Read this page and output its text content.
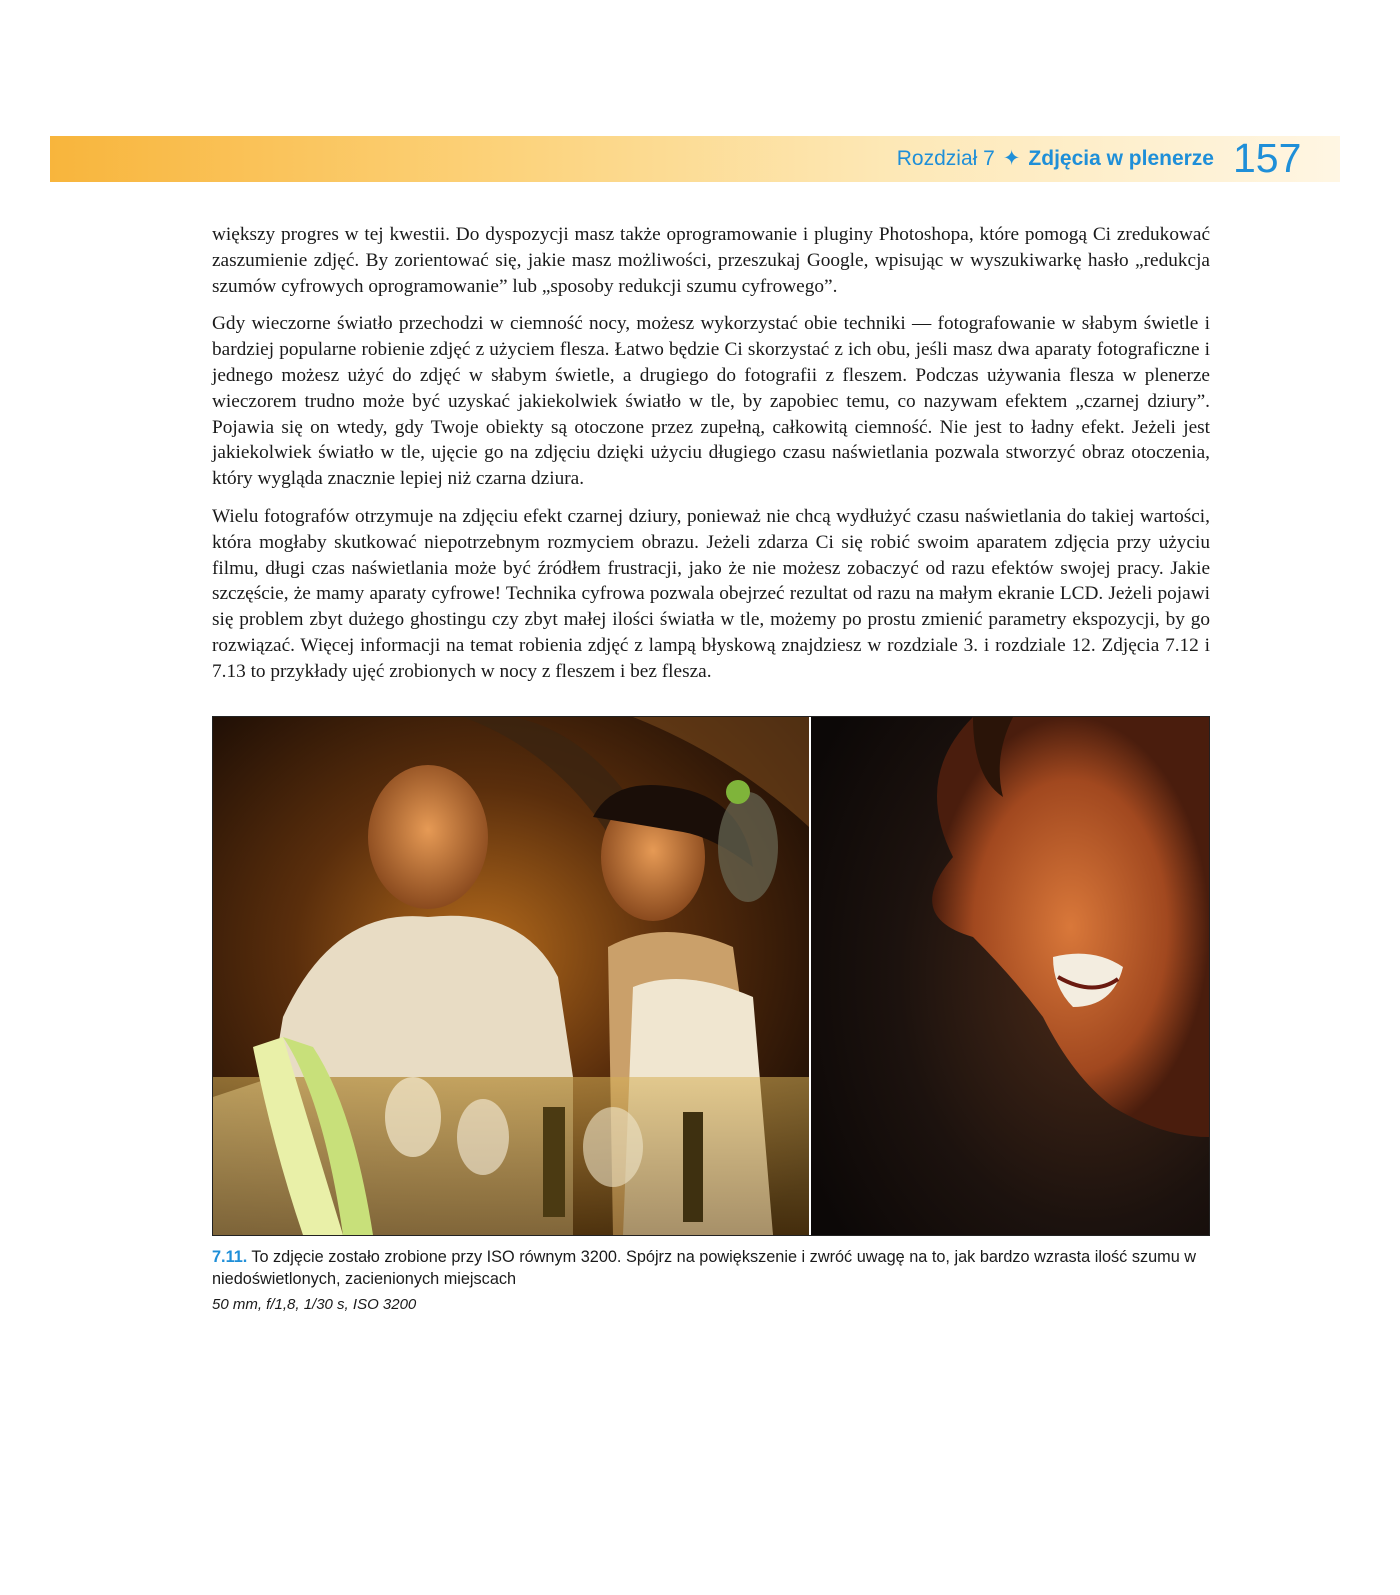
Rozdział 7 ✦ Zdjęcia w plenerze 157

większy progres w tej kwestii. Do dyspozycji masz także oprogramowanie i pluginy Photoshopa, które pomogą Ci zredukować zaszumienie zdjęć. By zorientować się, jakie masz możliwości, przeszukaj Google, wpisując w wyszukiwarkę hasło „redukcja szumów cyfrowych oprogramowanie” lub „sposoby redukcji szumu cyfrowego”.

Gdy wieczorne światło przechodzi w ciemność nocy, możesz wykorzystać obie techniki — fotografowanie w słabym świetle i bardziej popularne robienie zdjęć z użyciem flesza. Łatwo będzie Ci skorzystać z ich obu, jeśli masz dwa aparaty fotograficzne i jednego możesz użyć do zdjęć w słabym świetle, a drugiego do fotografii z fleszem. Podczas używania flesza w plenerze wieczorem trudno może być uzyskać jakiekolwiek światło w tle, by zapobiec temu, co nazywam efektem „czarnej dziury”. Pojawia się on wtedy, gdy Twoje obiekty są otoczone przez zupełną, całkowitą ciemność. Nie jest to ładny efekt. Jeżeli jest jakiekolwiek światło w tle, ujęcie go na zdjęciu dzięki użyciu długiego czasu naświetlania pozwala stworzyć obraz otoczenia, który wygląda znacznie lepiej niż czarna dziura.

Wielu fotografów otrzymuje na zdjęciu efekt czarnej dziury, ponieważ nie chcą wydłużyć czasu naświetlania do takiej wartości, która mogłaby skutkować niepotrzebnym rozmyciem obrazu. Jeżeli zdarza Ci się robić swoim aparatem zdjęcia przy użyciu filmu, długi czas naświetlania może być źródłem frustracji, jako że nie możesz zobaczyć od razu efektów swojej pracy. Jakie szczęście, że mamy aparaty cyfrowe! Technika cyfrowa pozwala obejrzeć rezultat od razu na małym ekranie LCD. Jeżeli pojawi się problem zbyt dużego ghostingu czy zbyt małej ilości światła w tle, możemy po prostu zmienić parametry ekspozycji, by go rozwiązać. Więcej informacji na temat robienia zdjęć z lampą błyskową znajdziesz w rozdziale 3. i rozdziale 12. Zdjęcia 7.12 i 7.13 to przykłady ujęć zrobionych w nocy z fleszem i bez flesza.

7.11. To zdjęcie zostało zrobione przy ISO równym 3200. Spójrz na powiększenie i zwróć uwagę na to, jak bardzo wzrasta ilość szumu w niedoświetlonych, zacienionych miejscach
50 mm, f/1,8, 1/30 s, ISO 3200
